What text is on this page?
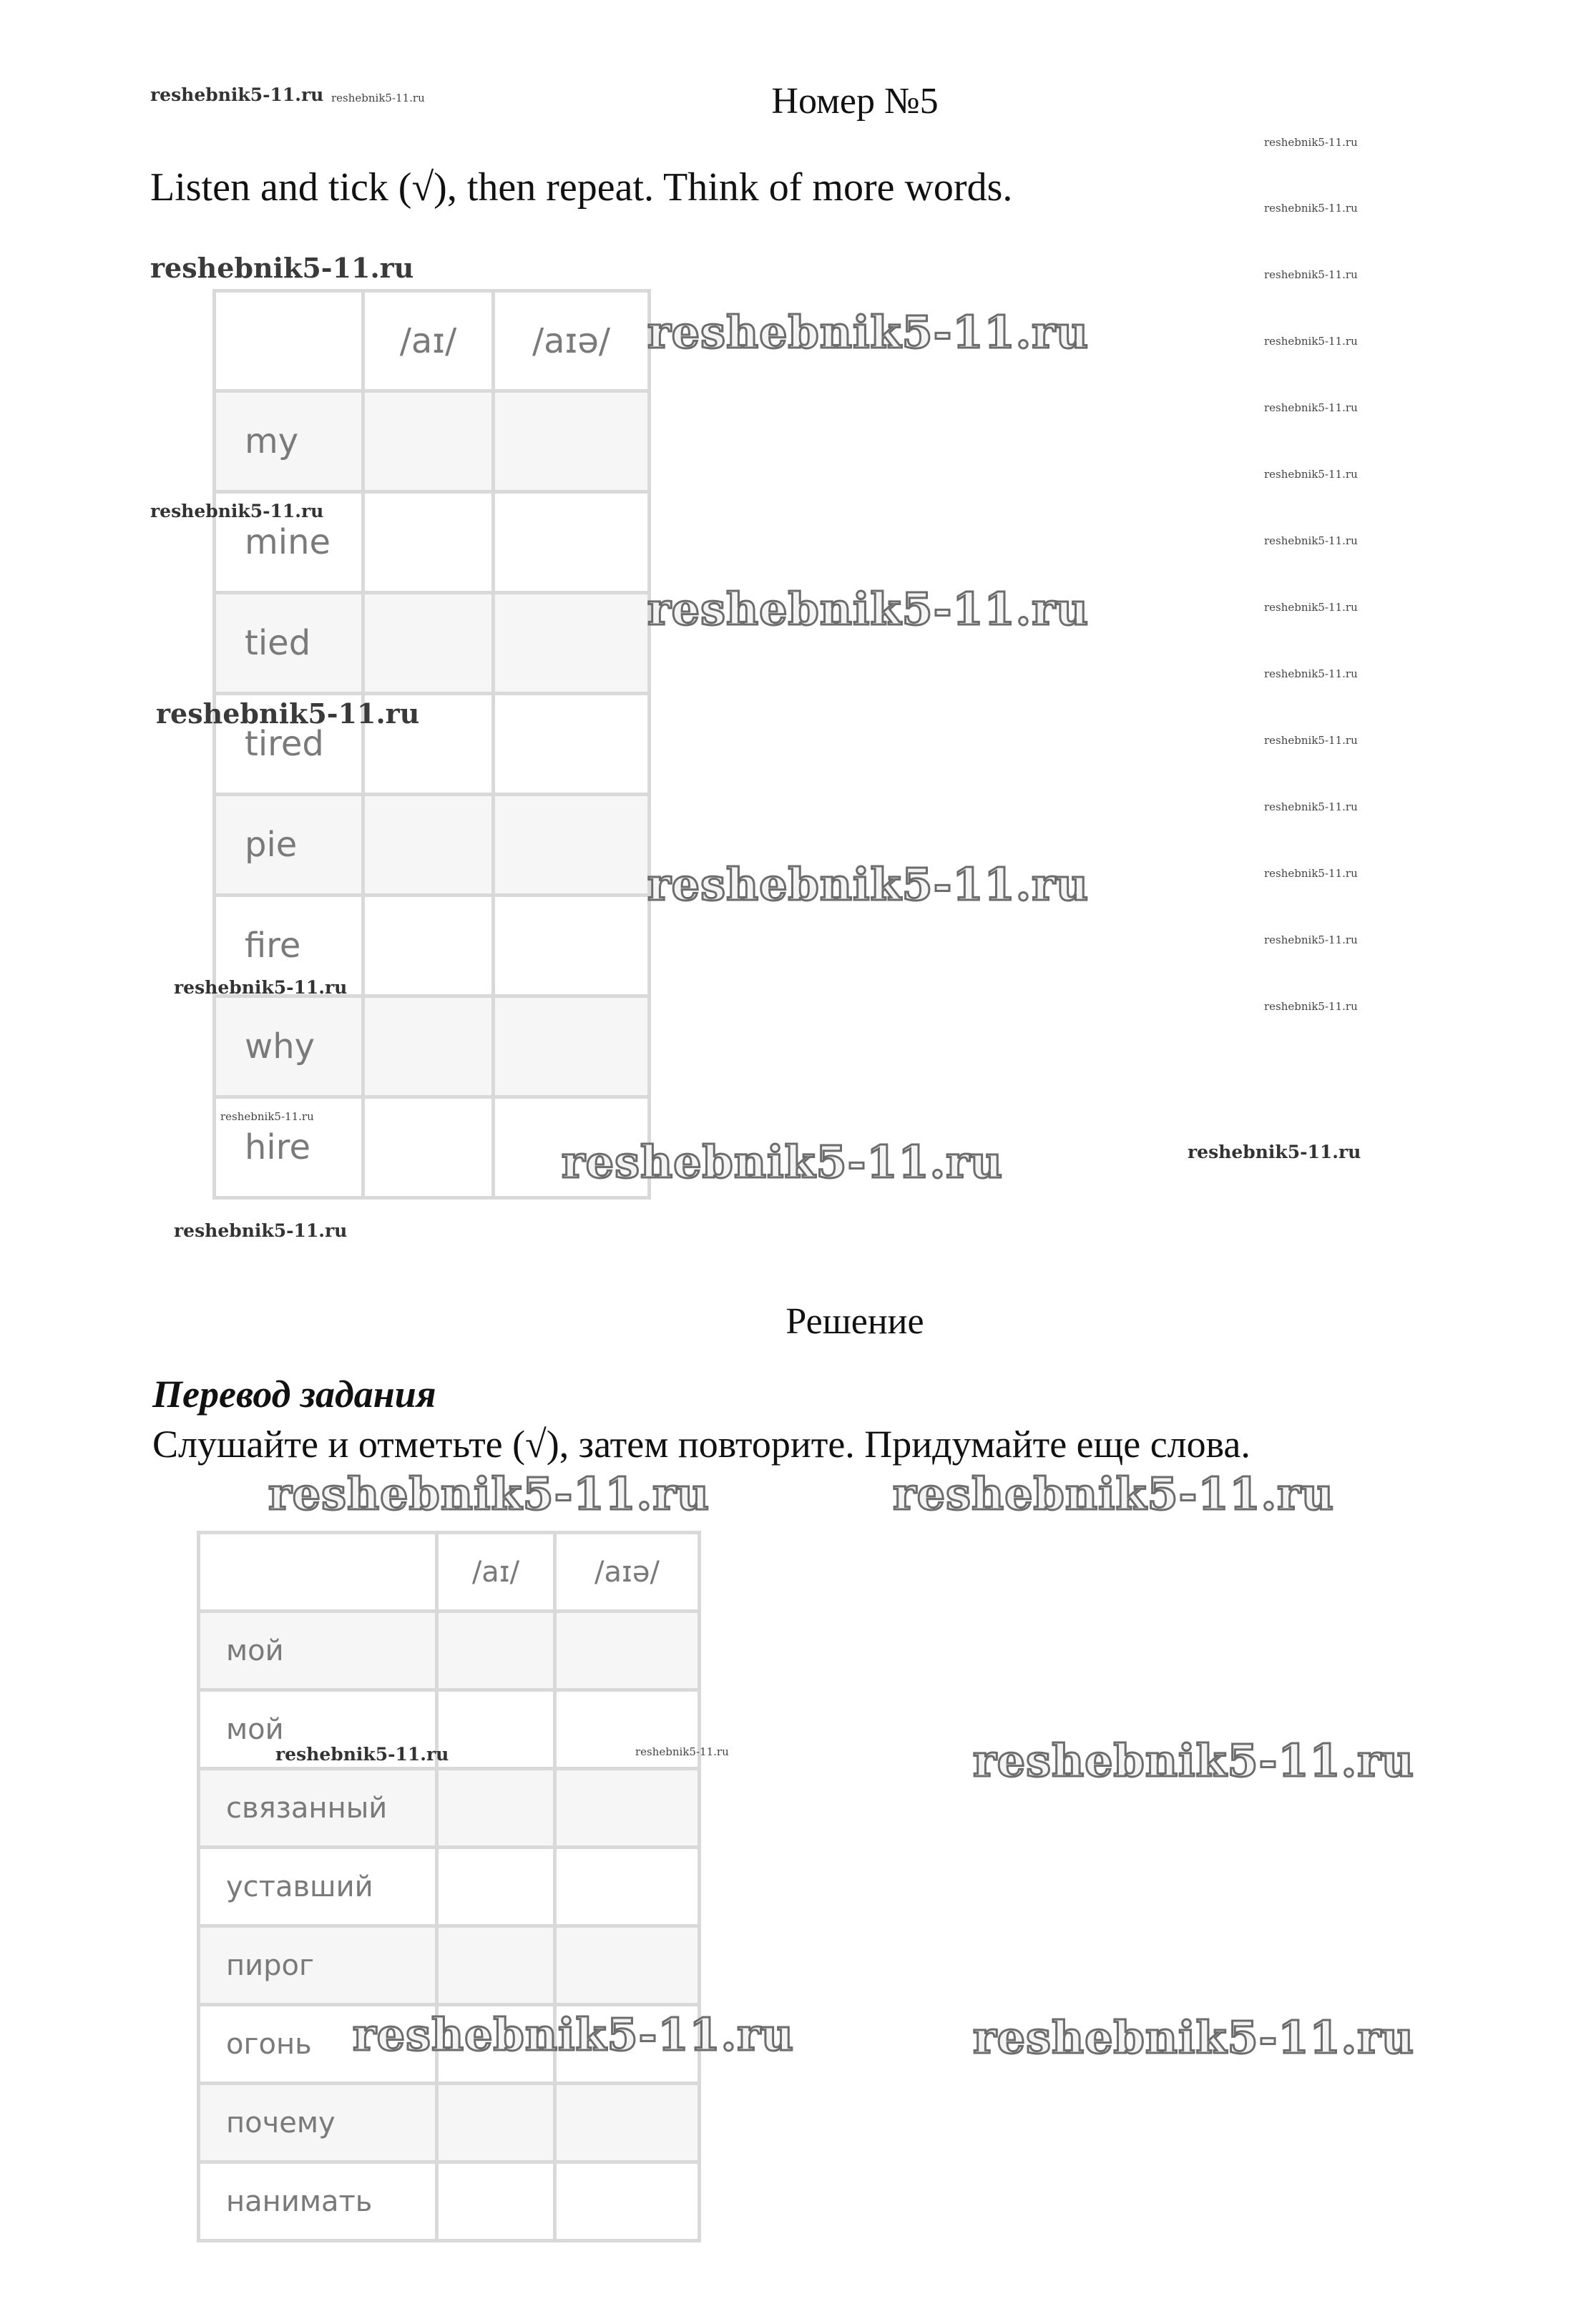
reshebnik5-11.ru reshebnik5-11.ru
reshebnik5-11.ru
reshebnik5-11.ru
reshebnik5-11.ru
reshebnik5-11.ru
reshebnik5-11.ru
reshebnik5-11.ru
reshebnik5-11.ru
reshebnik5-11.ru
reshebnik5-11.ru
reshebnik5-11.ru
reshebnik5-11.ru
reshebnik5-11.ru
reshebnik5-11.ru
reshebnik5-11.ru
Номер №5
Listen and tick (√), then repeat. Think of more words.
reshebnik5-11.ru
	/aɪ/	/aɪə/
my		
mine		
tied		
tired		
pie		
fire		
why		
hire		
reshebnik5-11.ru
reshebnik5-11.ru
reshebnik5-11.ru
reshebnik5-11.ru
reshebnik5-11.ru
reshebnik5-11.ru
reshebnik5-11.ru
reshebnik5-11.ru	reshebnik5-11.ru
reshebnik5-11.ru
Решение
Перевод задания
Слушайте и отметьте (√), затем повторите. Придумайте еще слова.
reshebnik5-11.ru	reshebnik5-11.ru
	/aɪ/	/aɪə/
мой		
мой		
связанный		
уставший		
пирог		
огонь		
почему		
нанимать		
reshebnik5-11.ru	reshebnik5-11.ru	reshebnik5-11.ru
reshebnik5-11.ru	reshebnik5-11.ru
